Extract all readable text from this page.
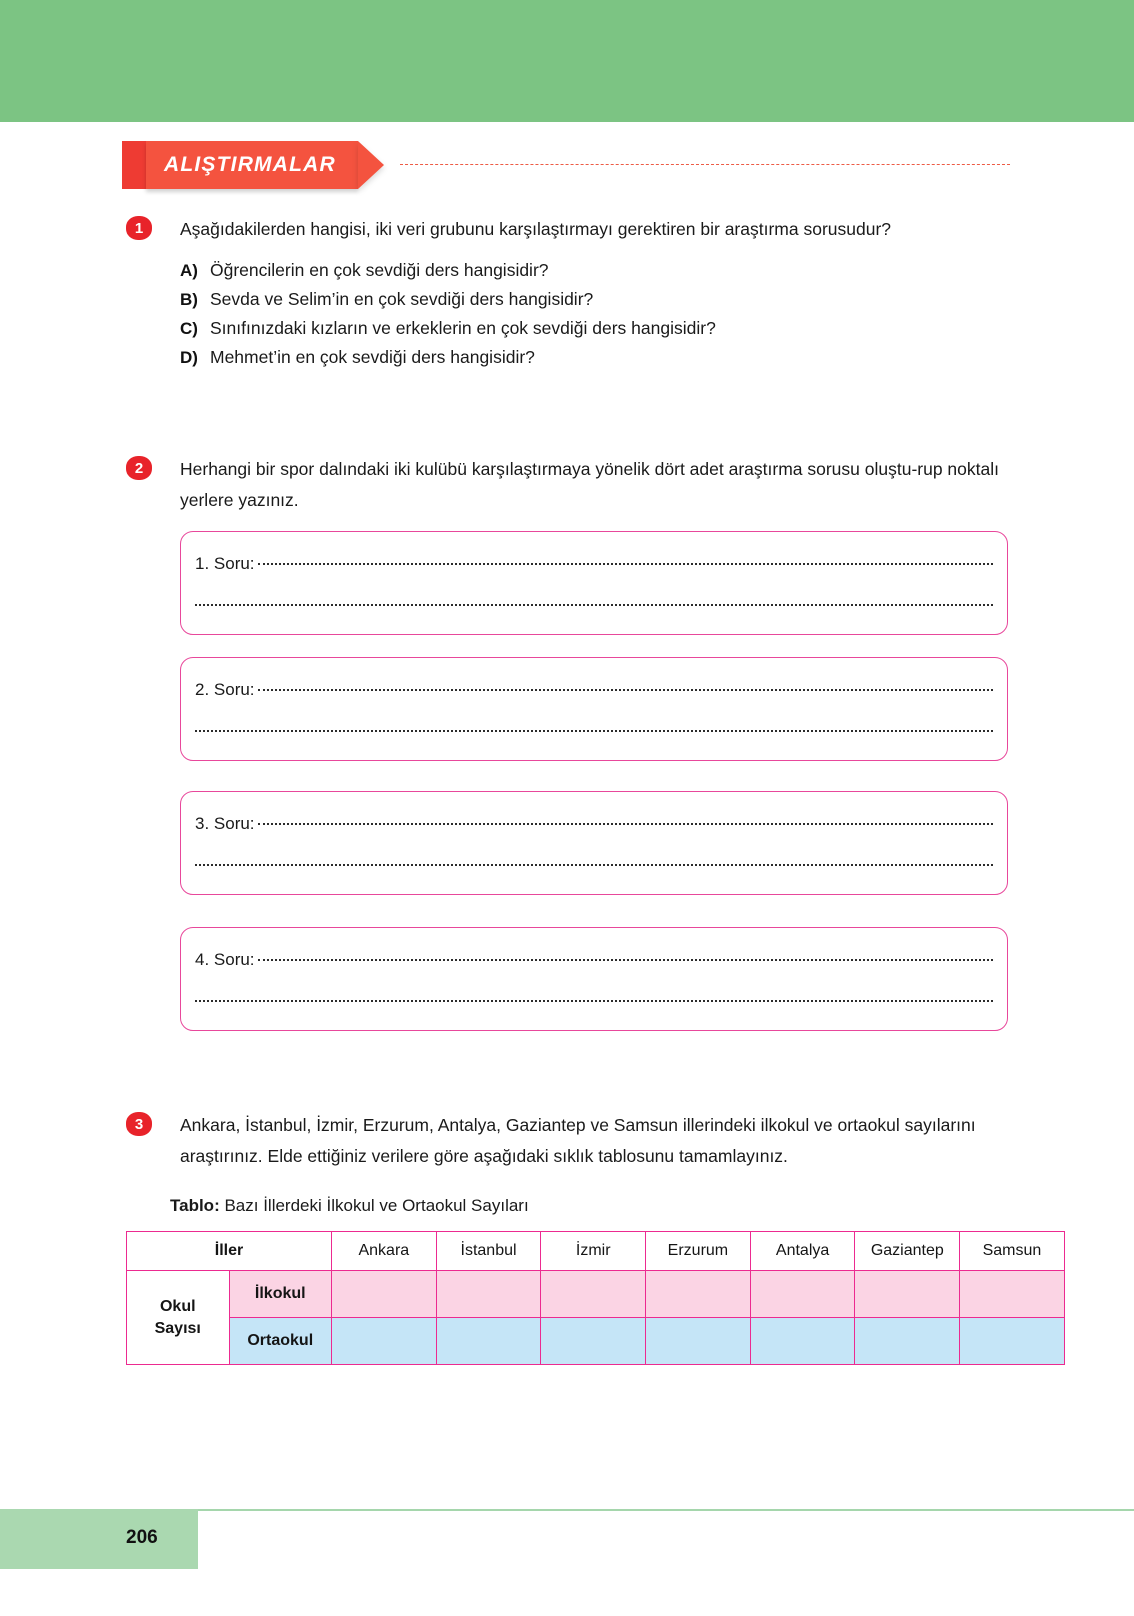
ALIŞTIRMALAR
1	Aşağıdakilerden hangisi, iki veri grubunu karşılaştırmayı gerektiren bir araştırma sorusudur?
A) Öğrencilerin en çok sevdiği ders hangisidir?
B) Sevda ve Selim’in en çok sevdiği ders hangisidir?
C) Sınıfınızdaki kızların ve erkeklerin en çok sevdiği ders hangisidir?
D) Mehmet’in en çok sevdiği ders hangisidir?
2	Herhangi bir spor dalındaki iki kulübü karşılaştırmaya yönelik dört adet araştırma sorusu oluştu-rup noktalı yerlere yazınız.
1. Soru:
2. Soru:
3. Soru:
4. Soru:
3	Ankara, İstanbul, İzmir, Erzurum, Antalya, Gaziantep ve Samsun illerindeki ilkokul ve ortaokul sayılarını araştırınız. Elde ettiğiniz verilere göre aşağıdaki sıklık tablosunu tamamlayınız.
Tablo: Bazı İllerdeki İlkokul ve Ortaokul Sayıları
İller		Ankara	İstanbul	İzmir	Erzurum	Antalya	Gaziantep	Samsun

Okul
Sayısı	İlkokul							
	Ortaokul							
206
